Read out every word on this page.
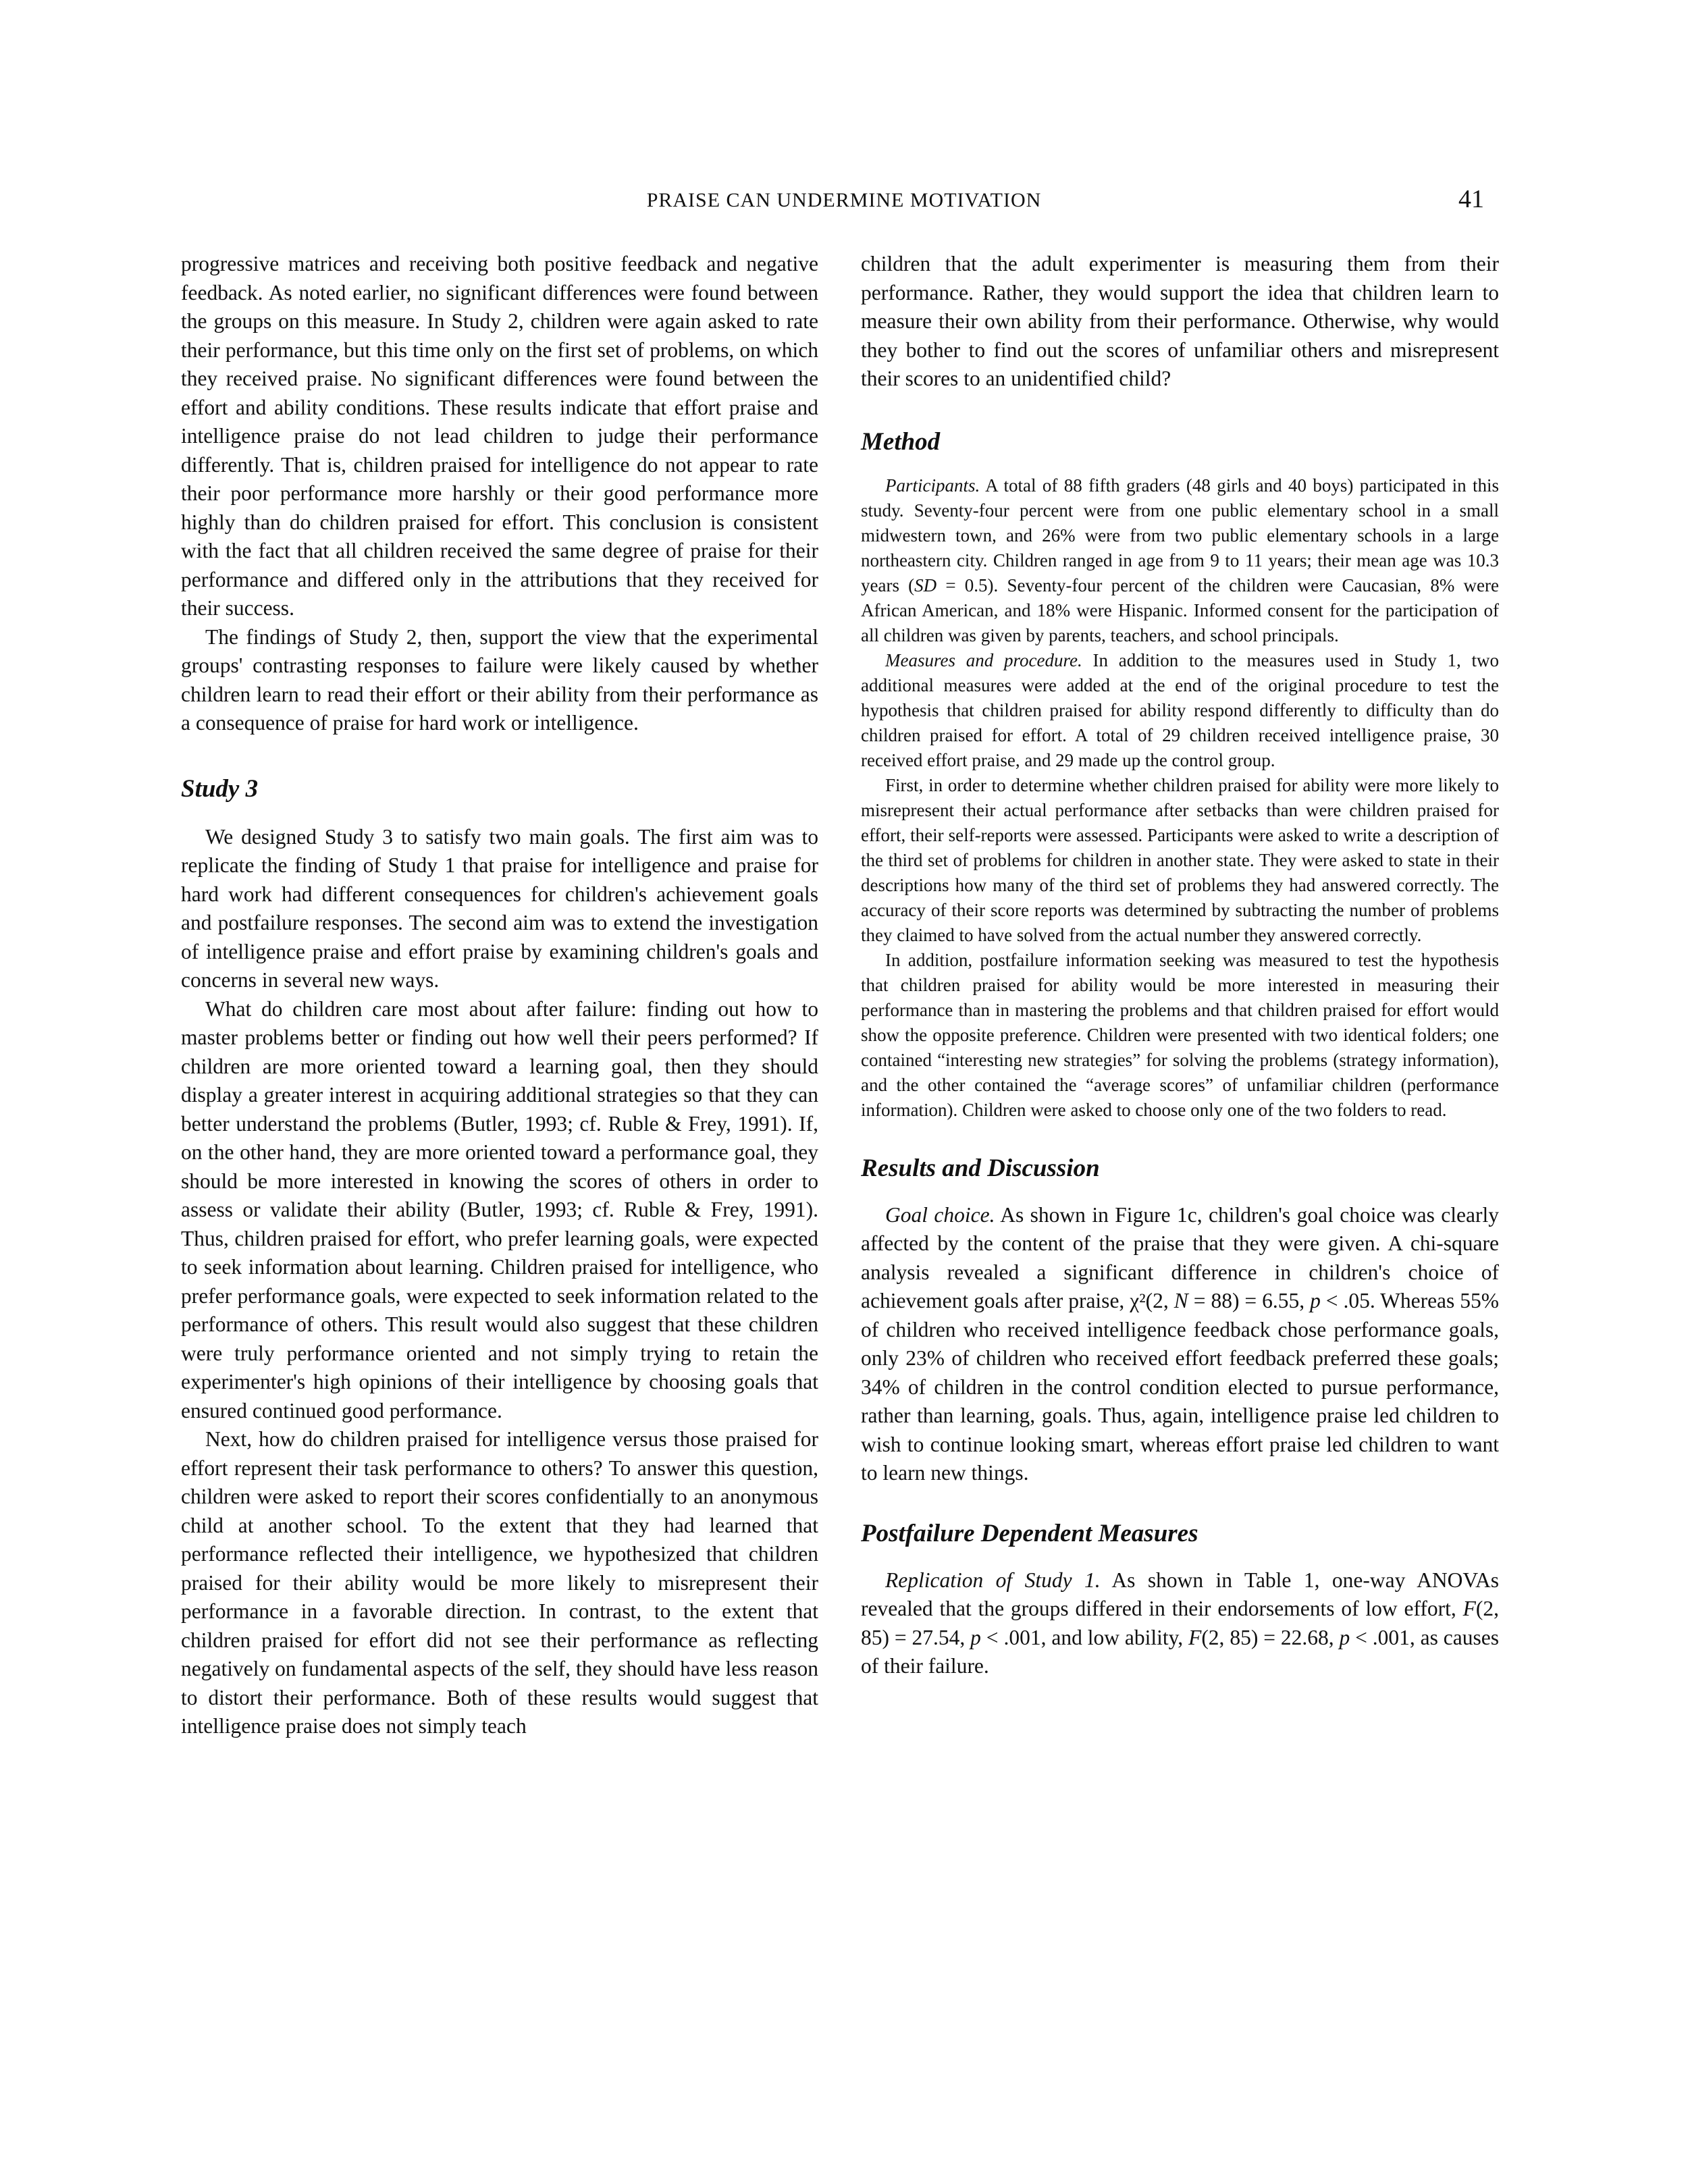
PRAISE CAN UNDERMINE MOTIVATION	41

progressive matrices and receiving both positive feedback and negative feedback. As noted earlier, no significant differences were found between the groups on this measure. In Study 2, children were again asked to rate their performance, but this time only on the first set of problems, on which they received praise. No significant differences were found between the effort and ability conditions. These results indicate that effort praise and intelligence praise do not lead children to judge their performance differently. That is, children praised for intelligence do not appear to rate their poor performance more harshly or their good performance more highly than do children praised for effort. This conclusion is consistent with the fact that all children received the same degree of praise for their performance and differed only in the attributions that they received for their success.

The findings of Study 2, then, support the view that the experimental groups' contrasting responses to failure were likely caused by whether children learn to read their effort or their ability from their performance as a consequence of praise for hard work or intelligence.

Study 3

We designed Study 3 to satisfy two main goals. The first aim was to replicate the finding of Study 1 that praise for intelligence and praise for hard work had different consequences for children's achievement goals and postfailure responses. The second aim was to extend the investigation of intelligence praise and effort praise by examining children's goals and concerns in several new ways.

What do children care most about after failure: finding out how to master problems better or finding out how well their peers performed? If children are more oriented toward a learning goal, then they should display a greater interest in acquiring additional strategies so that they can better understand the problems (Butler, 1993; cf. Ruble & Frey, 1991). If, on the other hand, they are more oriented toward a performance goal, they should be more interested in knowing the scores of others in order to assess or validate their ability (Butler, 1993; cf. Ruble & Frey, 1991). Thus, children praised for effort, who prefer learning goals, were expected to seek information about learning. Children praised for intelligence, who prefer performance goals, were expected to seek information related to the performance of others. This result would also suggest that these children were truly performance oriented and not simply trying to retain the experimenter's high opinions of their intelligence by choosing goals that ensured continued good performance.

Next, how do children praised for intelligence versus those praised for effort represent their task performance to others? To answer this question, children were asked to report their scores confidentially to an anonymous child at another school. To the extent that they had learned that performance reflected their intelligence, we hypothesized that children praised for their ability would be more likely to misrepresent their performance in a favorable direction. In contrast, to the extent that children praised for effort did not see their performance as reflecting negatively on fundamental aspects of the self, they should have less reason to distort their performance. Both of these results would suggest that intelligence praise does not simply teach

children that the adult experimenter is measuring them from their performance. Rather, they would support the idea that children learn to measure their own ability from their performance. Otherwise, why would they bother to find out the scores of unfamiliar others and misrepresent their scores to an unidentified child?

Method

Participants. A total of 88 fifth graders (48 girls and 40 boys) participated in this study. Seventy-four percent were from one public elementary school in a small midwestern town, and 26% were from two public elementary schools in a large northeastern city. Children ranged in age from 9 to 11 years; their mean age was 10.3 years (SD = 0.5). Seventy-four percent of the children were Caucasian, 8% were African American, and 18% were Hispanic. Informed consent for the participation of all children was given by parents, teachers, and school principals.

Measures and procedure. In addition to the measures used in Study 1, two additional measures were added at the end of the original procedure to test the hypothesis that children praised for ability respond differently to difficulty than do children praised for effort. A total of 29 children received intelligence praise, 30 received effort praise, and 29 made up the control group.

First, in order to determine whether children praised for ability were more likely to misrepresent their actual performance after setbacks than were children praised for effort, their self-reports were assessed. Participants were asked to write a description of the third set of problems for children in another state. They were asked to state in their descriptions how many of the third set of problems they had answered correctly. The accuracy of their score reports was determined by subtracting the number of problems they claimed to have solved from the actual number they answered correctly.

In addition, postfailure information seeking was measured to test the hypothesis that children praised for ability would be more interested in measuring their performance than in mastering the problems and that children praised for effort would show the opposite preference. Children were presented with two identical folders; one contained “interesting new strategies” for solving the problems (strategy information), and the other contained the “average scores” of unfamiliar children (performance information). Children were asked to choose only one of the two folders to read.

Results and Discussion

Goal choice. As shown in Figure 1c, children's goal choice was clearly affected by the content of the praise that they were given. A chi-square analysis revealed a significant difference in children's choice of achievement goals after praise, χ²(2, N = 88) = 6.55, p < .05. Whereas 55% of children who received intelligence feedback chose performance goals, only 23% of children who received effort feedback preferred these goals; 34% of children in the control condition elected to pursue performance, rather than learning, goals. Thus, again, intelligence praise led children to wish to continue looking smart, whereas effort praise led children to want to learn new things.

Postfailure Dependent Measures

Replication of Study 1. As shown in Table 1, one-way ANOVAs revealed that the groups differed in their endorsements of low effort, F(2, 85) = 27.54, p < .001, and low ability, F(2, 85) = 22.68, p < .001, as causes of their failure.
